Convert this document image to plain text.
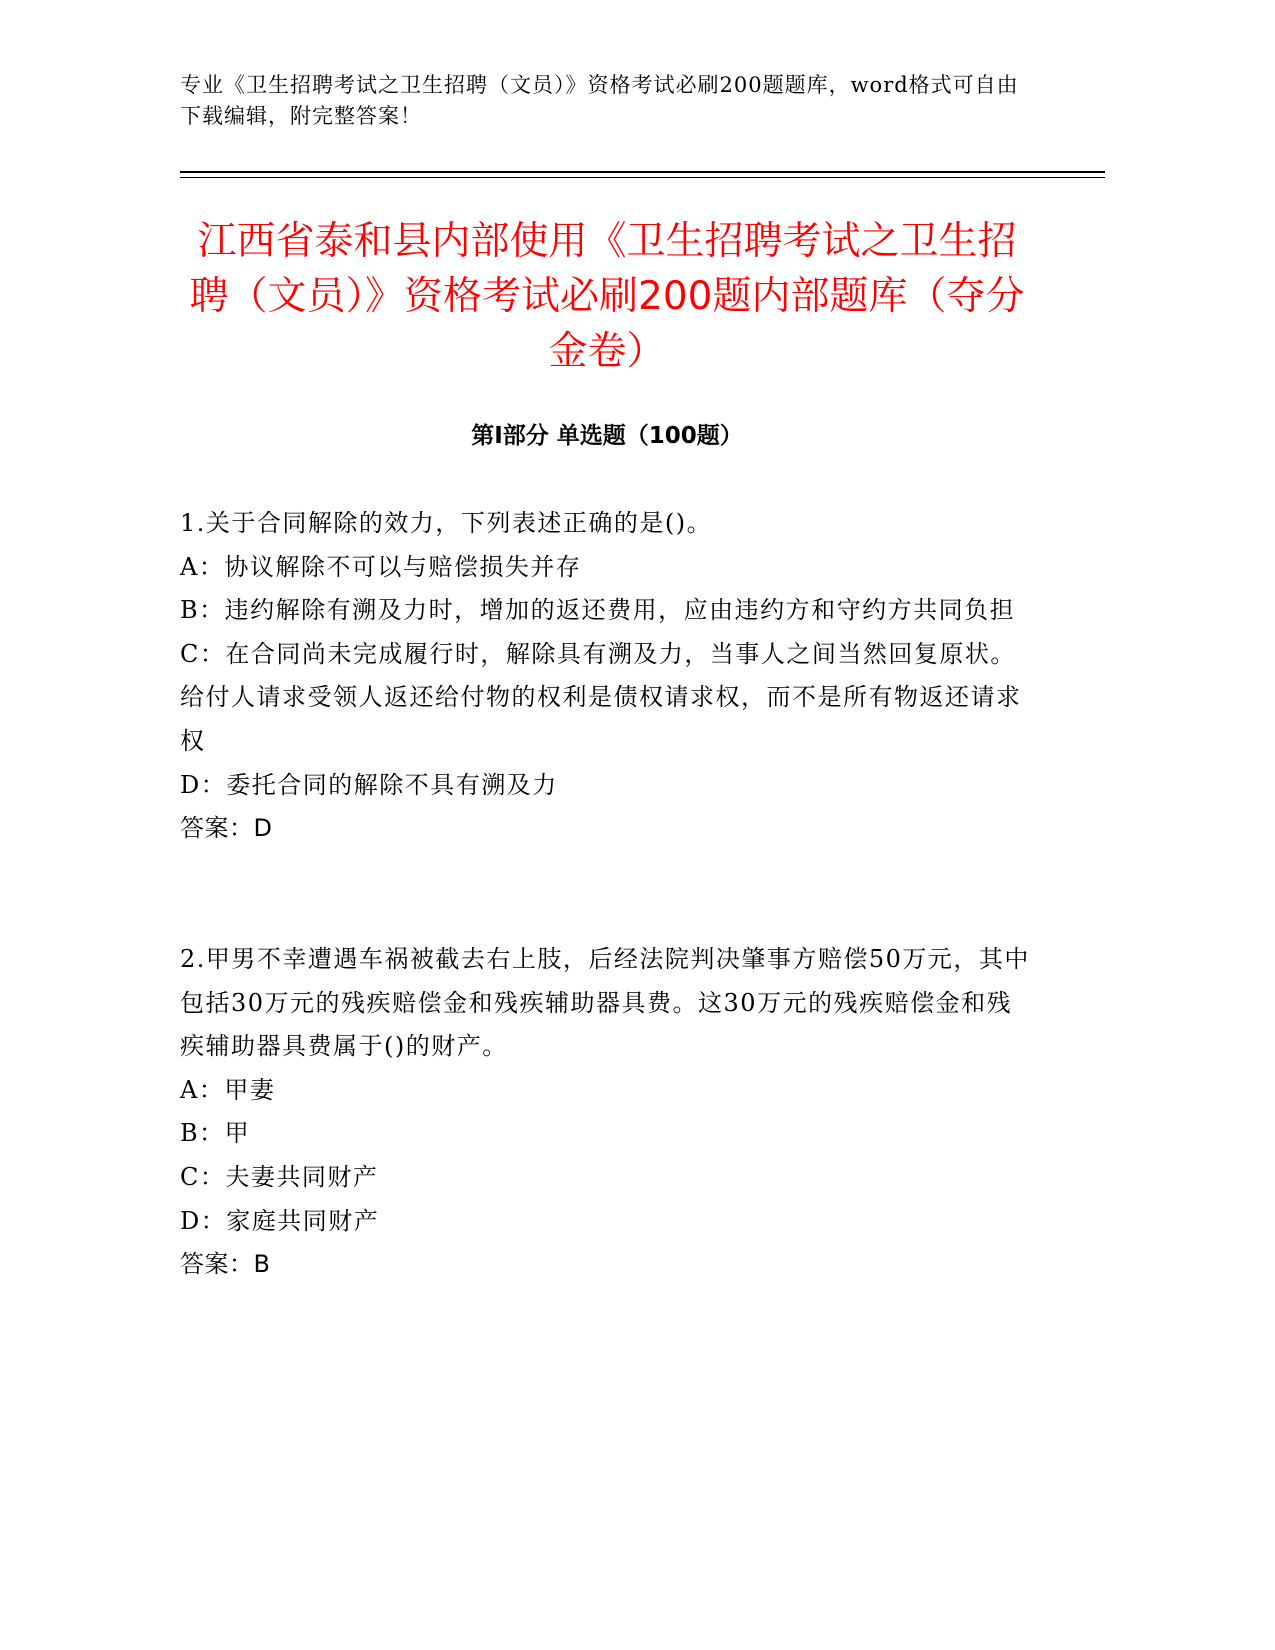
专业《卫生招聘考试之卫生招聘（文员）》资格考试必刷200题题库，word格式可自由下载编辑，附完整答案！
江西省泰和县内部使用《卫生招聘考试之卫生招聘（文员）》资格考试必刷200题内部题库（夺分金卷）
第I部分 单选题（100题）

1.关于合同解除的效力，下列表述正确的是()。

A：协议解除不可以与赔偿损失并存

B：违约解除有溯及力时，增加的返还费用，应由违约方和守约方共同负担

C：在合同尚未完成履行时，解除具有溯及力，当事人之间当然回复原状。给付人请求受领人返还给付物的权利是债权请求权，而不是所有物返还请求权

D：委托合同的解除不具有溯及力

答案：D

2.甲男不幸遭遇车祸被截去右上肢，后经法院判决肇事方赔偿50万元，其中包括30万元的残疾赔偿金和残疾辅助器具费。这30万元的残疾赔偿金和残疾辅助器具费属于()的财产。

A：甲妻

B：甲

C：夫妻共同财产

D：家庭共同财产

答案：B
